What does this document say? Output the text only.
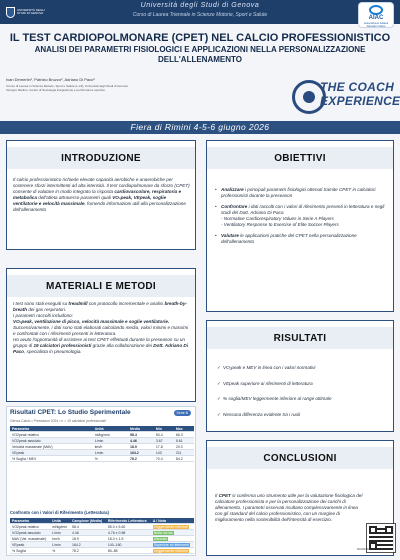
UNIVERSITÀ DEGLI STUDI DI GENOVA
Università degli Studi di Genova
Corso di Laurea Triennale in Scienze Motorie, Sport e Salute	AIAC
Associazione Italiana Allenatori Calcio
IL TEST CARDIOPOLMONARE (CPET) NEL CALCIO PROFESSIONISTICO
ANALISI DEI PARAMETRI FISIOLOGICI E APPLICAZIONI NELLA PERSONALIZZAZIONE DELL'ALLENAMENTO
Ivan Demerlin¹, Patrizio Bruzzo², Adriano Di Paco²
¹Corso di Laurea in Scienze Motorie, Sport e Salute (L-22), Università degli Studi di Genova
²Gruppo Medico, Centro di Sociologia integrazione e performance sportiva	THE COACH
EXPERIENCE
Fiera di Rimini 4-5-6 giugno 2026
INTRODUZIONE
Il calcio professionistico richiede elevate capacità aerobiche e anaerobiche per sostenere sforzi intermittenti ad alta intensità. Il test cardiopolmonare da sforzo (CPET) consente di valutare in modo integrato la risposta cardiovascolare, respiratoria e metabolica dell'atleta attraverso parametri quali VO₂peak, VEpeak, soglie ventilatorie e velocità massimale, fornendo informazioni utili alla personalizzazione dell'allenamento
MATERIALI E METODI

I test sono stati eseguiti su treadmill con protocollo incrementale e analisi breath-by-breath dei gas respiratori.

I parametri raccolti includono:

VO₂peak, ventilazione di picco, velocità massimale e soglie ventilatorie.

Successivamente, i dati sono stati elaborati calcolando media, valori minimi e massimi e confrontati con i riferimenti presenti in letteratura.

Ho avuto l'opportunità di assistere ai test CPET effettuati durante la preseason su un gruppo di 19 calciatori professionisti grazie alla collaborazione dei Dott. Adriano Di Paco, specialista in pneumologia.

Risultati CPET: Lo Studio Sperimentale
Genoa Calcio • Preseason 2024 • n = 19 calciatori professionisti
Serie B
Parametro	Unità	Media	Min	Max
VO2peak relativo	ml/kg/min	58.4	50.4	66.3
VO2peak assoluto	L/min	4.46	3.67	5.61
Velocità massimale (MAV)	km/h	18.9	17.8	20.0
VEpeak	L/min	164.2	143	211
% Soglia / MEV	%	78.2	70.4	84.2
Confronto con i Valori di Riferimento (Letteratura)
Parametro	Unità	Campione (Media)	Riferimento Letteratura	Δ / Nota
VO2peak relativo	ml/kg/min	58.4	55.0 ± 5.60	Leggermente inferiore
VO2peak assoluto	L/min	4.46	4.76 ± 0.58	Nella norma
MAV (Vel. massimale)	km/h	18.9	18.0 ± 1.5	Allineato
VEpeak	L/min	164.2	140–160	Superiore ai riferimenti
% Soglia	%	78.2	80–85	Leggermente inferiore
OBIETTIVI
• Analizzare i principali parametri fisiologici ottenuti tramite CPET in calciatori professionisti durante la preseason
• Confrontare i dati raccolti con i valori di riferimento presenti in letteratura e negli studi del Dott. Adriano Di Paco.
- Normative Cardiorespiratory Values in Serie A Players
- Ventilatory Response to Exercise of Elite Soccer Players
• Valutare le applicazioni pratiche del CPET nella personalizzazione dell'allenamento
RISULTATI
✓ VO₂peak e MEV in linea con i valori normativi
✓ VEpeak superiore ai riferimenti di letteratura
✓ % soglia/MEV leggermente inferiore al range ottimale
✓ Nessuna differenza evidente tra i ruoli
CONCLUSIONI
Il CPET si conferma uno strumento utile per la valutazione fisiologica del calciatore professionista e per la personalizzazione dei carichi di allenamento. I parametri osservati risultano complessivamente in linea con gli standard del calcio professionistico, con un margine di miglioramento nella sostenibilità dell'intensità di esercizio.
SCANSIONA
